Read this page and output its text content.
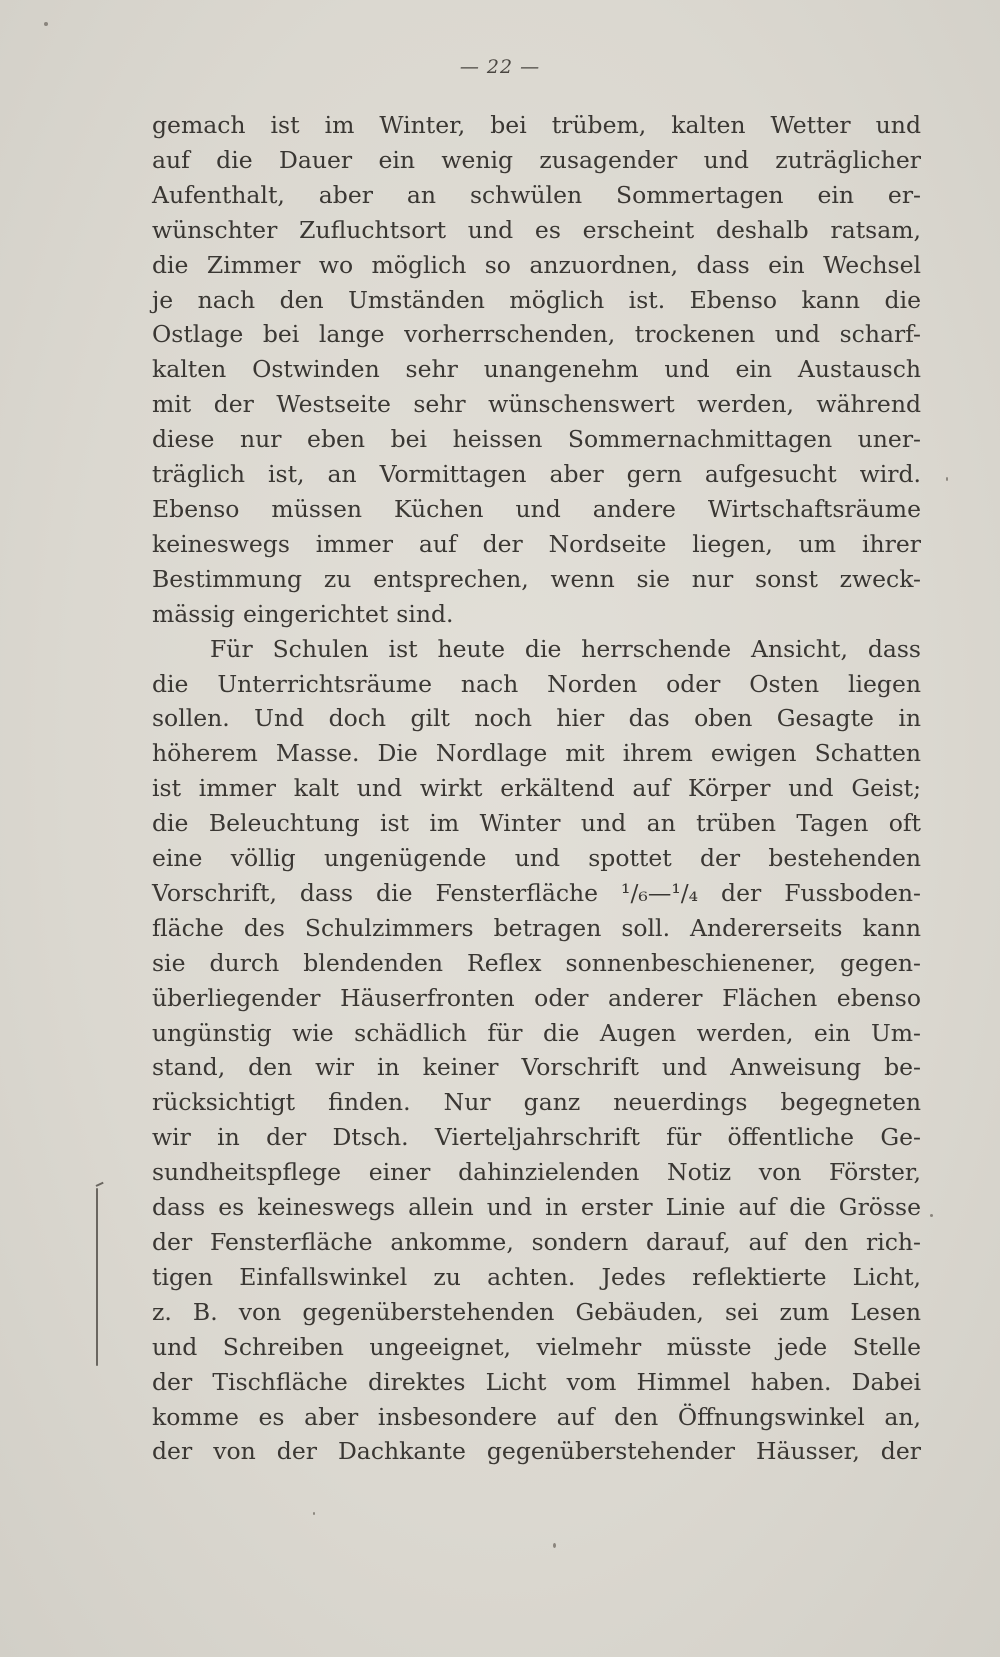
— 22 —

gemach ist im Winter, bei trübem, kalten Wetter und
auf die Dauer ein wenig zusagender und zuträglicher
Aufenthalt, aber an schwülen Sommertagen ein er-
wünschter Zufluchtsort und es erscheint deshalb ratsam,
die Zimmer wo möglich so anzuordnen, dass ein Wechsel
je nach den Umständen möglich ist. Ebenso kann die
Ostlage bei lange vorherrschenden, trockenen und scharf-
kalten Ostwinden sehr unangenehm und ein Austausch
mit der Westseite sehr wünschenswert werden, während
diese nur eben bei heissen Sommernachmittagen uner-
träglich ist, an Vormittagen aber gern aufgesucht wird.
Ebenso müssen Küchen und andere Wirtschaftsräume
keineswegs immer auf der Nordseite liegen, um ihrer
Bestimmung zu entsprechen, wenn sie nur sonst zweck-
mässig eingerichtet sind.

Für Schulen ist heute die herrschende Ansicht, dass
die Unterrichtsräume nach Norden oder Osten liegen
sollen. Und doch gilt noch hier das oben Gesagte in
höherem Masse. Die Nordlage mit ihrem ewigen Schatten
ist immer kalt und wirkt erkältend auf Körper und Geist;
die Beleuchtung ist im Winter und an trüben Tagen oft
eine völlig ungenügende und spottet der bestehenden
Vorschrift, dass die Fensterfläche ¹/₆—¹/₄ der Fussboden-
fläche des Schulzimmers betragen soll. Andererseits kann
sie durch blendenden Reflex sonnenbeschienener, gegen-
überliegender Häuserfronten oder anderer Flächen ebenso
ungünstig wie schädlich für die Augen werden, ein Um-
stand, den wir in keiner Vorschrift und Anweisung be-
rücksichtigt finden. Nur ganz neuerdings begegneten
wir in der Dtsch. Vierteljahrschrift für öffentliche Ge-
sundheitspflege einer dahinzielenden Notiz von Förster,
dass es keineswegs allein und in erster Linie auf die Grösse
der Fensterfläche ankomme, sondern darauf, auf den rich-
tigen Einfallswinkel zu achten. Jedes reflektierte Licht,
z. B. von gegenüberstehenden Gebäuden, sei zum Lesen
und Schreiben ungeeignet, vielmehr müsste jede Stelle
der Tischfläche direktes Licht vom Himmel haben. Dabei
komme es aber insbesondere auf den Öffnungswinkel an,
der von der Dachkante gegenüberstehender Häusser, der
